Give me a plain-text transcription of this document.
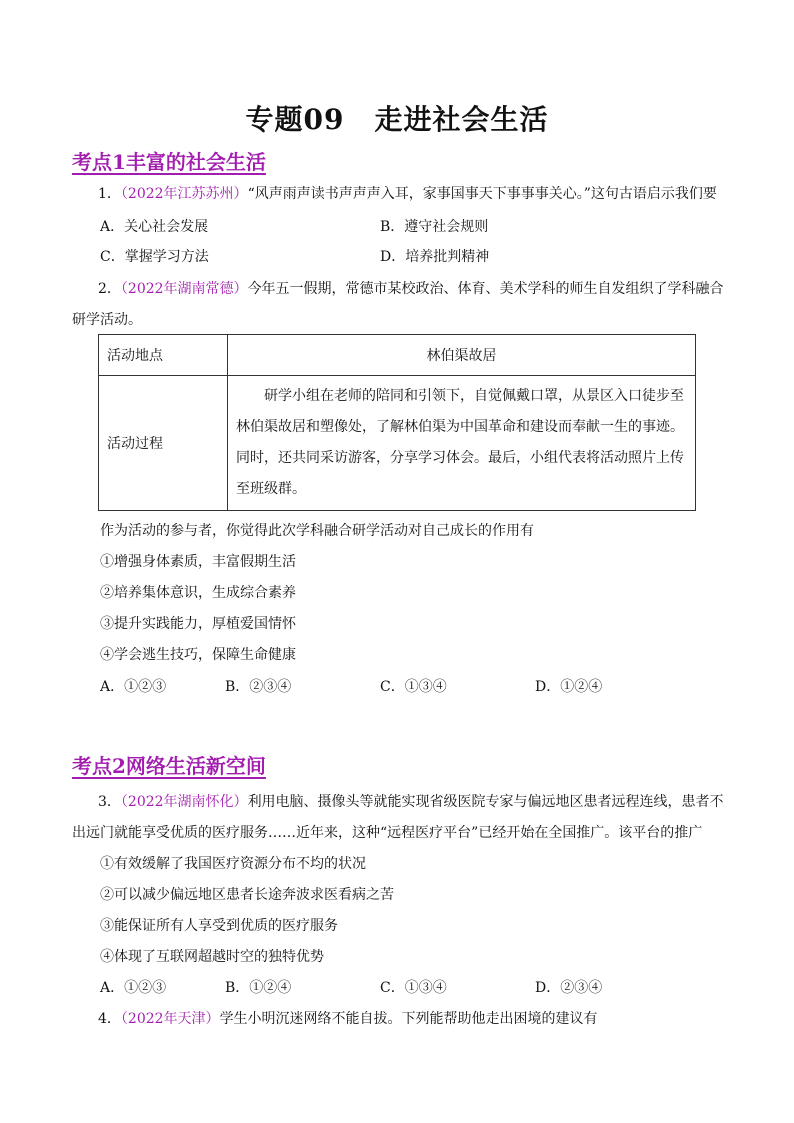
专题09 走进社会生活
考点1丰富的社会生活
1．（2022年江苏苏州）“风声雨声读书声声声入耳，家事国事天下事事事关心。”这句古语启示我们要
A．关心社会发展	B．遵守社会规则
C．掌握学习方法	D．培养批判精神
2．（2022年湖南常德）今年五一假期，常德市某校政治、体育、美术学科的师生自发组织了学科融合
研学活动。
活动地点	林伯渠故居
活动过程	研学小组在老师的陪同和引领下，自觉佩戴口罩，从景区入口徒步至

林伯渠故居和塑像处，了解林伯渠为中国革命和建设而奉献一生的事迹。

同时，还共同采访游客，分享学习体会。最后，小组代表将活动照片上传

至班级群。

作为活动的参与者，你觉得此次学科融合研学活动对自己成长的作用有
①增强身体素质，丰富假期生活
②培养集体意识，生成综合素养
③提升实践能力，厚植爱国情怀
④学会逃生技巧，保障生命健康
A．①②③	B．②③④	C．①③④	D．①②④
考点2网络生活新空间
3．（2022年湖南怀化）利用电脑、摄像头等就能实现省级医院专家与偏远地区患者远程连线，患者不
出远门就能享受优质的医疗服务……近年来，这种“远程医疗平台”已经开始在全国推广。该平台的推广
①有效缓解了我国医疗资源分布不均的状况
②可以减少偏远地区患者长途奔波求医看病之苦
③能保证所有人享受到优质的医疗服务
④体现了互联网超越时空的独特优势
A．①②③	B．①②④	C．①③④	D．②③④
4．（2022年天津）学生小明沉迷网络不能自拔。下列能帮助他走出困境的建议有
